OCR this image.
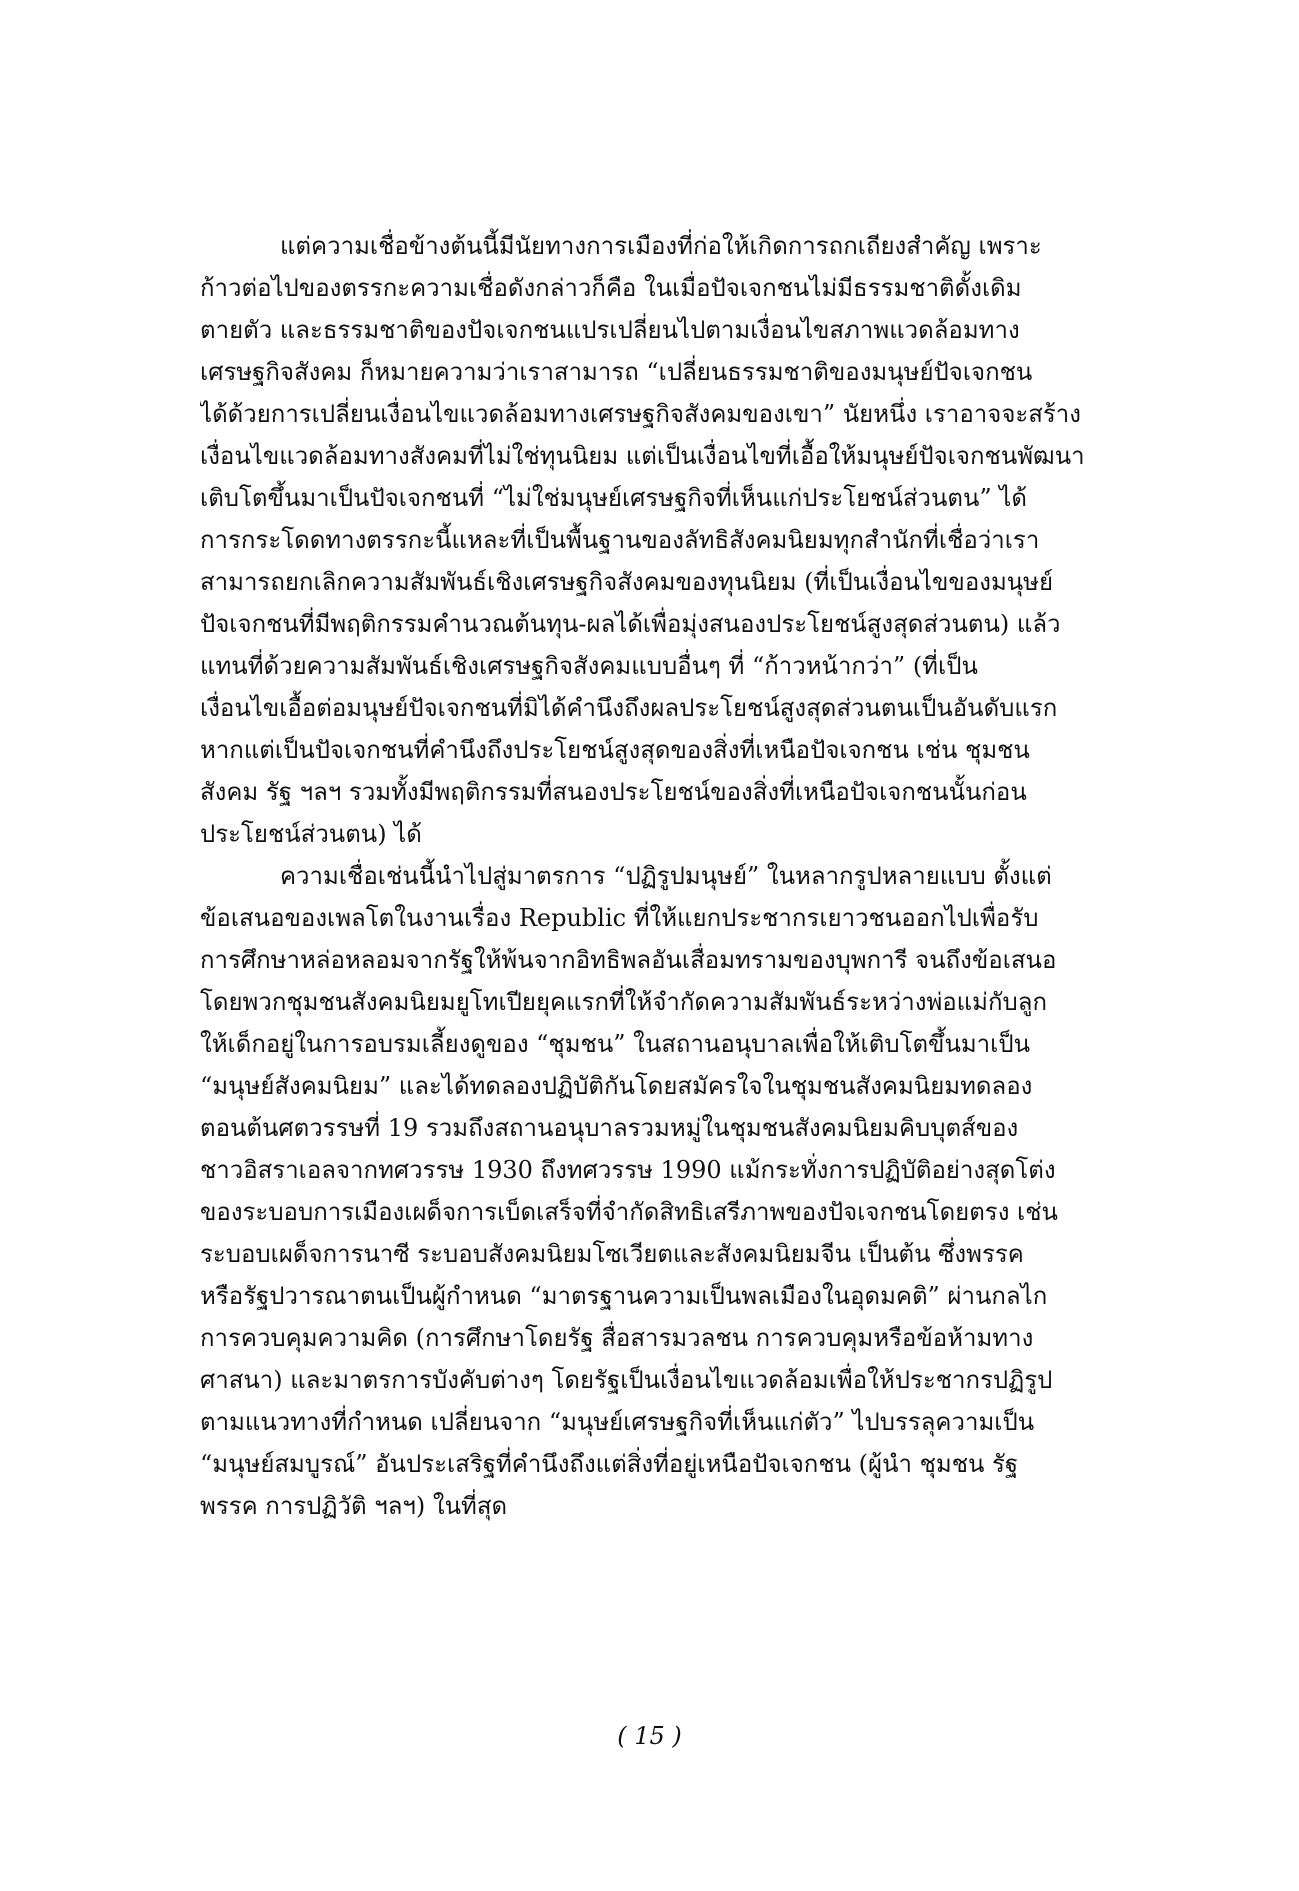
แต่ความเชื่อข้างต้นนี้มีนัยทางการเมืองที่ก่อให้เกิดการถกเถียงสำคัญ เพราะ
ก้าวต่อไปของตรรกะความเชื่อดังกล่าวก็คือ ในเมื่อปัจเจกชนไม่มีธรรมชาติดั้งเดิม
ตายตัว และธรรมชาติของปัจเจกชนแปรเปลี่ยนไปตามเงื่อนไขสภาพแวดล้อมทาง
เศรษฐกิจสังคม ก็หมายความว่าเราสามารถ “เปลี่ยนธรรมชาติของมนุษย์ปัจเจกชน
ได้ด้วยการเปลี่ยนเงื่อนไขแวดล้อมทางเศรษฐกิจสังคมของเขา” นัยหนึ่ง เราอาจจะสร้าง
เงื่อนไขแวดล้อมทางสังคมที่ไม่ใช่ทุนนิยม แต่เป็นเงื่อนไขที่เอื้อให้มนุษย์ปัจเจกชนพัฒนา
เติบโตขึ้นมาเป็นปัจเจกชนที่ “ไม่ใช่มนุษย์เศรษฐกิจที่เห็นแก่ประโยชน์ส่วนตน” ได้
การกระโดดทางตรรกะนี้แหละที่เป็นพื้นฐานของลัทธิสังคมนิยมทุกสำนักที่เชื่อว่าเรา
สามารถยกเลิกความสัมพันธ์เชิงเศรษฐกิจสังคมของทุนนิยม (ที่เป็นเงื่อนไขของมนุษย์
ปัจเจกชนที่มีพฤติกรรมคำนวณต้นทุน-ผลได้เพื่อมุ่งสนองประโยชน์สูงสุดส่วนตน) แล้ว
แทนที่ด้วยความสัมพันธ์เชิงเศรษฐกิจสังคมแบบอื่นๆ ที่ “ก้าวหน้ากว่า” (ที่เป็น
เงื่อนไขเอื้อต่อมนุษย์ปัจเจกชนที่มิได้คำนึงถึงผลประโยชน์สูงสุดส่วนตนเป็นอันดับแรก
หากแต่เป็นปัจเจกชนที่คำนึงถึงประโยชน์สูงสุดของสิ่งที่เหนือปัจเจกชน เช่น ชุมชน
สังคม รัฐ ฯลฯ รวมทั้งมีพฤติกรรมที่สนองประโยชน์ของสิ่งที่เหนือปัจเจกชนนั้นก่อน
ประโยชน์ส่วนตน) ได้
ความเชื่อเช่นนี้นำไปสู่มาตรการ “ปฏิรูปมนุษย์” ในหลากรูปหลายแบบ ตั้งแต่
ข้อเสนอของเพลโตในงานเรื่อง Republic ที่ให้แยกประชากรเยาวชนออกไปเพื่อรับ
การศึกษาหล่อหลอมจากรัฐให้พ้นจากอิทธิพลอันเสื่อมทรามของบุพการี จนถึงข้อเสนอ
โดยพวกชุมชนสังคมนิยมยูโทเปียยุคแรกที่ให้จำกัดความสัมพันธ์ระหว่างพ่อแม่กับลูก
ให้เด็กอยู่ในการอบรมเลี้ยงดูของ “ชุมชน” ในสถานอนุบาลเพื่อให้เติบโตขึ้นมาเป็น
“มนุษย์สังคมนิยม” และได้ทดลองปฏิบัติกันโดยสมัครใจในชุมชนสังคมนิยมทดลอง
ตอนต้นศตวรรษที่ 19 รวมถึงสถานอนุบาลรวมหมู่ในชุมชนสังคมนิยมคิบบุตส์ของ
ชาวอิสราเอลจากทศวรรษ 1930 ถึงทศวรรษ 1990 แม้กระทั่งการปฏิบัติอย่างสุดโต่ง
ของระบอบการเมืองเผด็จการเบ็ดเสร็จที่จำกัดสิทธิเสรีภาพของปัจเจกชนโดยตรง เช่น
ระบอบเผด็จการนาซี ระบอบสังคมนิยมโซเวียตและสังคมนิยมจีน เป็นต้น ซึ่งพรรค
หรือรัฐปวารณาตนเป็นผู้กำหนด “มาตรฐานความเป็นพลเมืองในอุดมคติ” ผ่านกลไก
การควบคุมความคิด (การศึกษาโดยรัฐ สื่อสารมวลชน การควบคุมหรือข้อห้ามทาง
ศาสนา) และมาตรการบังคับต่างๆ โดยรัฐเป็นเงื่อนไขแวดล้อมเพื่อให้ประชากรปฏิรูป
ตามแนวทางที่กำหนด เปลี่ยนจาก “มนุษย์เศรษฐกิจที่เห็นแก่ตัว” ไปบรรลุความเป็น
“มนุษย์สมบูรณ์” อันประเสริฐที่คำนึงถึงแต่สิ่งที่อยู่เหนือปัจเจกชน (ผู้นำ ชุมชน รัฐ
พรรค การปฏิวัติ ฯลฯ) ในที่สุด
( 15 )
